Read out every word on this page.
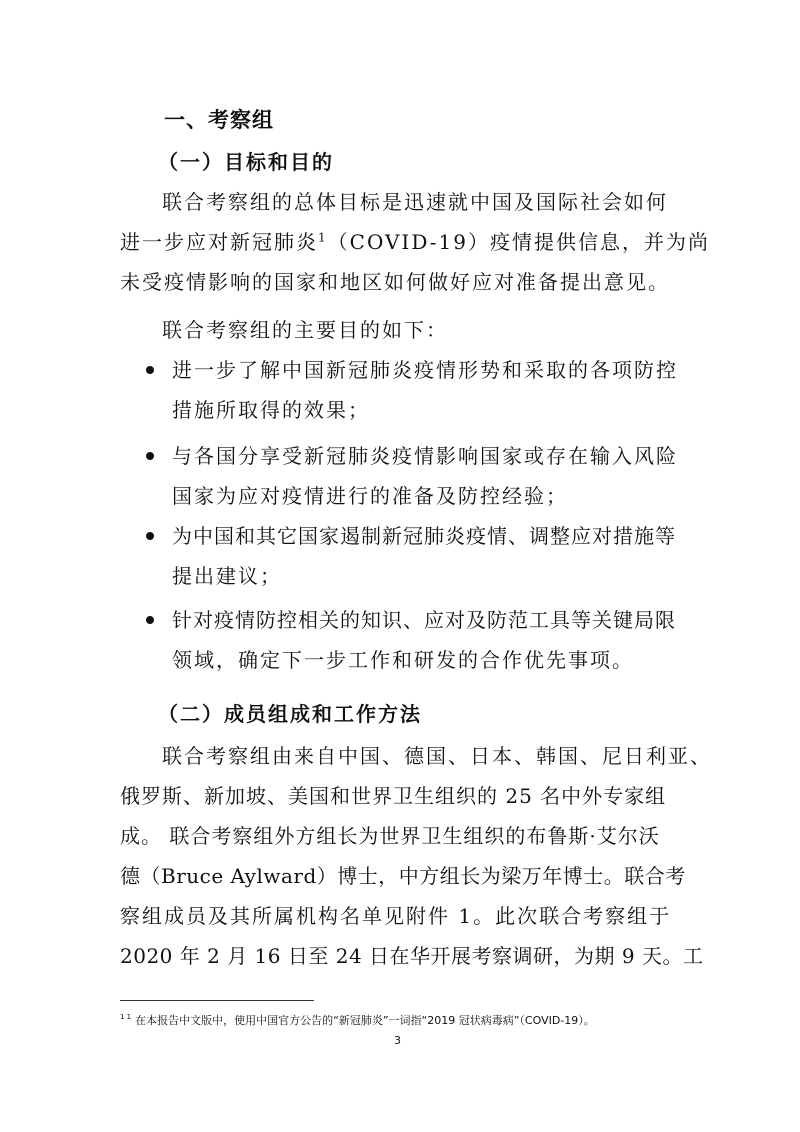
一、考察组
（一）目标和目的
联合考察组的总体目标是迅速就中国及国际社会如何
进一步应对新冠肺炎$^1$（COVID-19）疫情提供信息，并为尚
未受疫情影响的国家和地区如何做好应对准备提出意见。
联合考察组的主要目的如下：
进一步了解中国新冠肺炎疫情形势和采取的各项防控
措施所取得的效果；
与各国分享受新冠肺炎疫情影响国家或存在输入风险
国家为应对疫情进行的准备及防控经验；
为中国和其它国家遏制新冠肺炎疫情、调整应对措施等
提出建议；
针对疫情防控相关的知识、应对及防范工具等关键局限
领域，确定下一步工作和研发的合作优先事项。
（二）成员组成和工作方法
联合考察组由来自中国、德国、日本、韩国、尼日利亚、
俄罗斯、新加坡、美国和世界卫生组织的 25 名中外专家组
成。 联合考察组外方组长为世界卫生组织的布鲁斯·艾尔沃
德（Bruce Aylward）博士，中方组长为梁万年博士。联合考
察组成员及其所属机构名单见附件 1。此次联合考察组于
2020 年 2 月 16 日至 24 日在华开展考察调研，为期 9 天。工
$^{1 1}$ 在本报告中文版中，使用中国官方公告的“新冠肺炎”一词指“2019 冠状病毒病”（COVID-19）。
3
